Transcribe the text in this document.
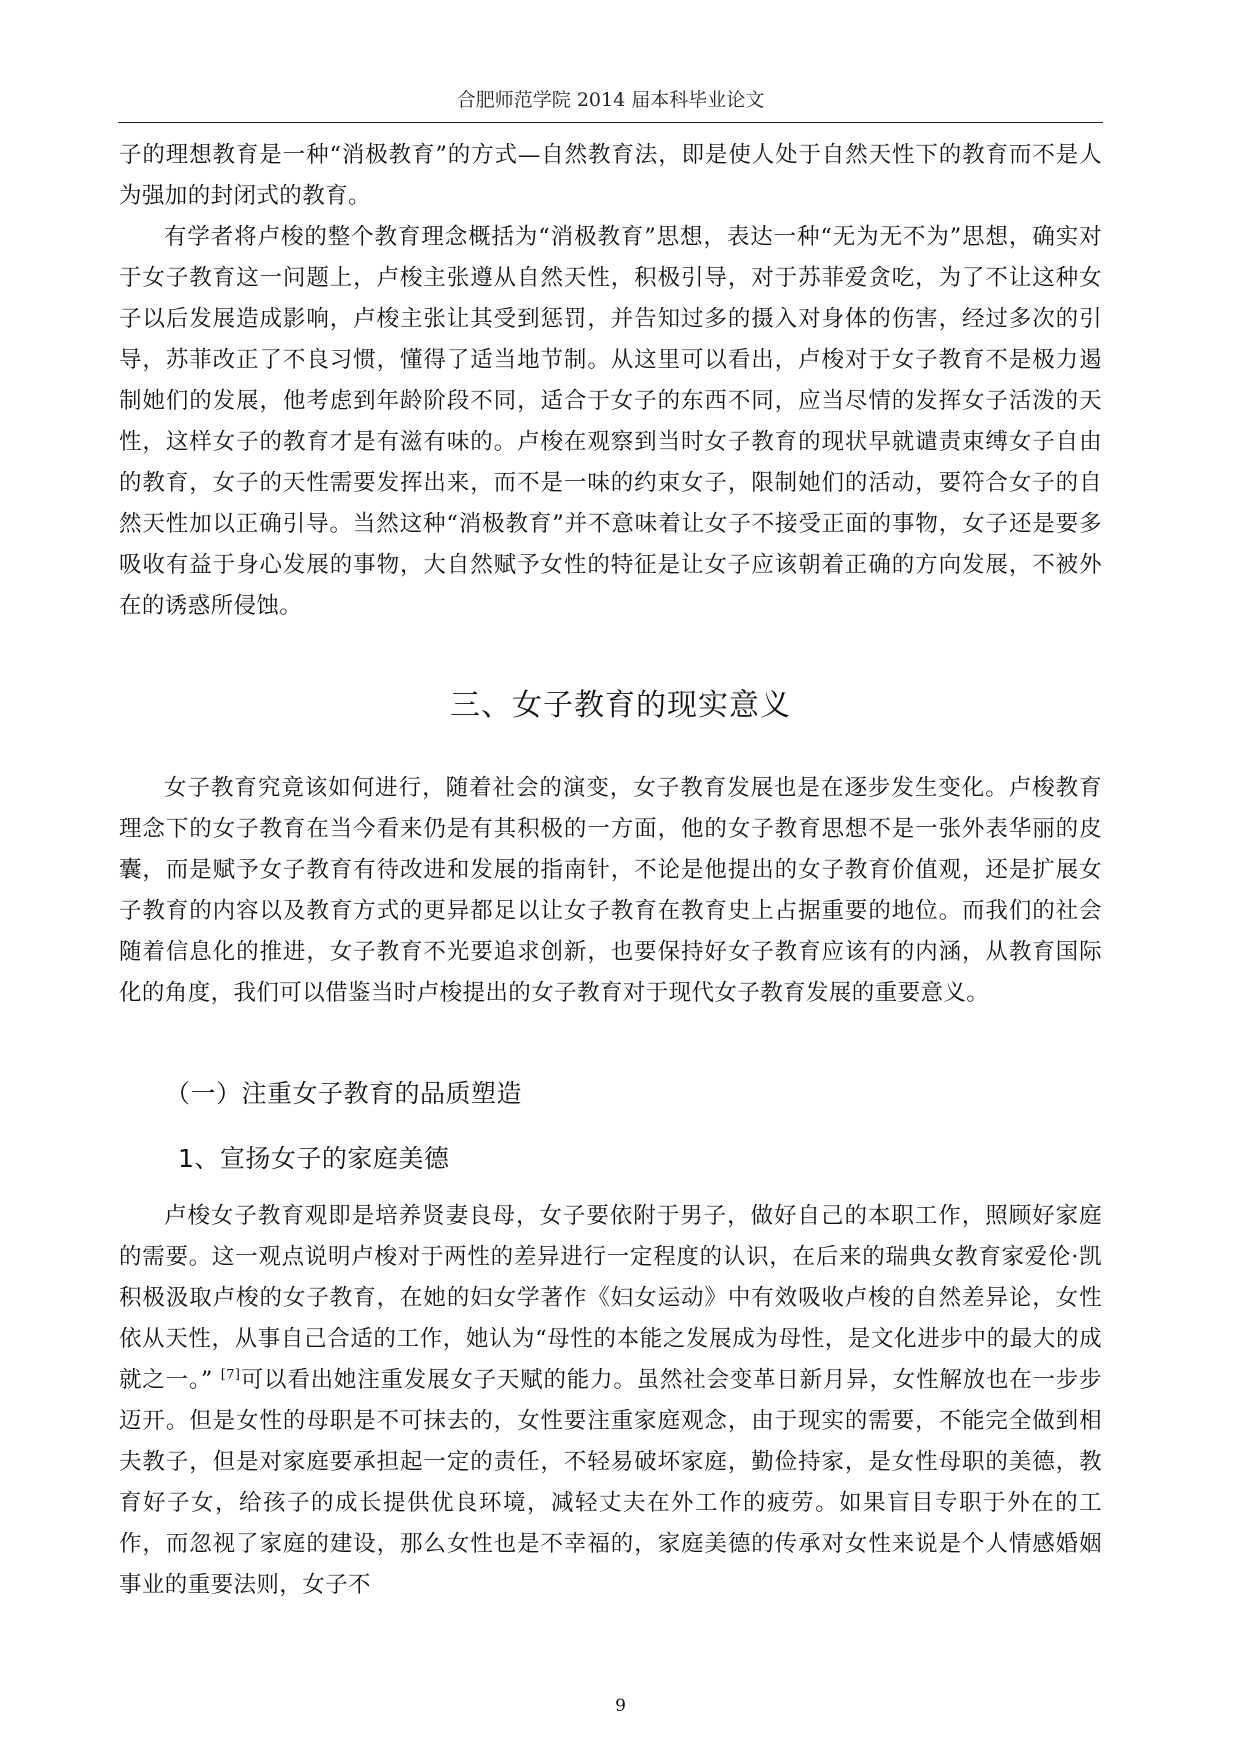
合肥师范学院 2014 届本科毕业论文

子的理想教育是一种“消极教育”的方式—自然教育法，即是使人处于自然天性下的教育而不是人为强加的封闭式的教育。

有学者将卢梭的整个教育理念概括为“消极教育”思想，表达一种“无为无不为”思想，确实对于女子教育这一问题上，卢梭主张遵从自然天性，积极引导，对于苏菲爱贪吃，为了不让这种女子以后发展造成影响，卢梭主张让其受到惩罚，并告知过多的摄入对身体的伤害，经过多次的引导，苏菲改正了不良习惯，懂得了适当地节制。从这里可以看出，卢梭对于女子教育不是极力遏制她们的发展，他考虑到年龄阶段不同，适合于女子的东西不同，应当尽情的发挥女子活泼的天性，这样女子的教育才是有滋有味的。卢梭在观察到当时女子教育的现状早就谴责束缚女子自由的教育，女子的天性需要发挥出来，而不是一味的约束女子，限制她们的活动，要符合女子的自然天性加以正确引导。当然这种“消极教育”并不意味着让女子不接受正面的事物，女子还是要多吸收有益于身心发展的事物，大自然赋予女性的特征是让女子应该朝着正确的方向发展，不被外在的诱惑所侵蚀。

三、女子教育的现实意义

女子教育究竟该如何进行，随着社会的演变，女子教育发展也是在逐步发生变化。卢梭教育理念下的女子教育在当今看来仍是有其积极的一方面，他的女子教育思想不是一张外表华丽的皮囊，而是赋予女子教育有待改进和发展的指南针，不论是他提出的女子教育价值观，还是扩展女子教育的内容以及教育方式的更异都足以让女子教育在教育史上占据重要的地位。而我们的社会随着信息化的推进，女子教育不光要追求创新，也要保持好女子教育应该有的内涵，从教育国际化的角度，我们可以借鉴当时卢梭提出的女子教育对于现代女子教育发展的重要意义。

（一）注重女子教育的品质塑造
1、宣扬女子的家庭美德

卢梭女子教育观即是培养贤妻良母，女子要依附于男子，做好自己的本职工作，照顾好家庭的需要。这一观点说明卢梭对于两性的差异进行一定程度的认识，在后来的瑞典女教育家爱伦·凯积极汲取卢梭的女子教育，在她的妇女学著作《妇女运动》中有效吸收卢梭的自然差异论，女性依从天性，从事自己合适的工作，她认为“母性的本能之发展成为母性，是文化进步中的最大的成就之一。” [7]可以看出她注重发展女子天赋的能力。虽然社会变革日新月异，女性解放也在一步步迈开。但是女性的母职是不可抹去的，女性要注重家庭观念，由于现实的需要，不能完全做到相夫教子，但是对家庭要承担起一定的责任，不轻易破坏家庭，勤俭持家，是女性母职的美德，教育好子女，给孩子的成长提供优良环境，减轻丈夫在外工作的疲劳。如果盲目专职于外在的工作，而忽视了家庭的建设，那么女性也是不幸福的，家庭美德的传承对女性来说是个人情感婚姻事业的重要法则，女子不

9
